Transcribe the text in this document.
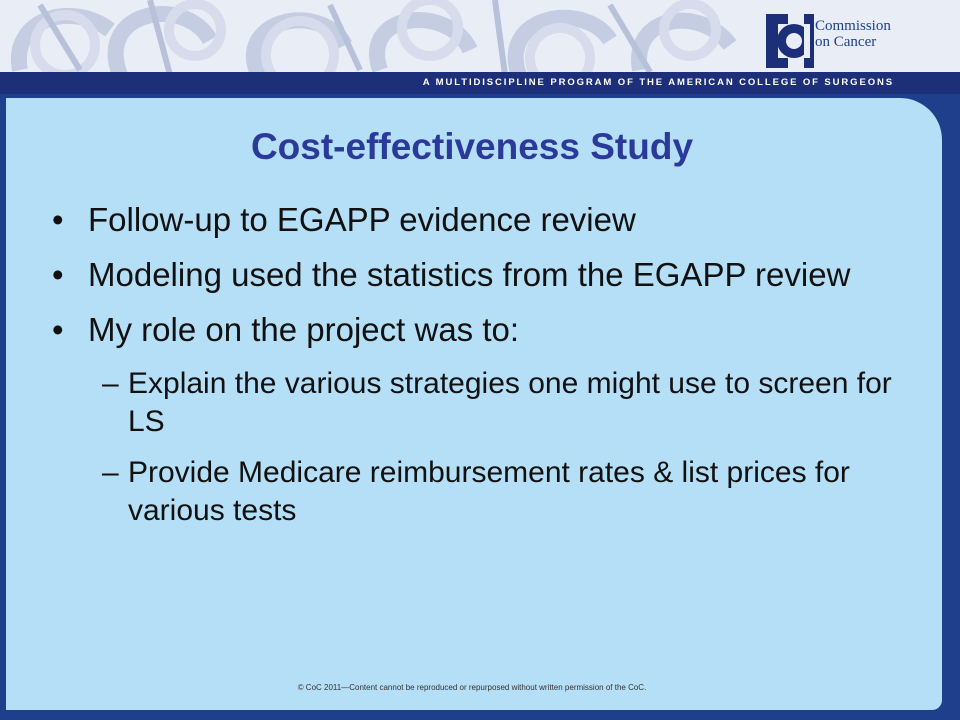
Commission
on Cancer
A MULTIDISCIPLINE PROGRAM OF THE AMERICAN COLLEGE OF SURGEONS
Cost-effectiveness Study
• Follow-up to EGAPP evidence review
• Modeling used the statistics from the EGAPP review
• My role on the project was to:
– Explain the various strategies one might use to screen for LS
– Provide Medicare reimbursement rates & list prices for various tests
© CoC 2011—Content cannot be reproduced or repurposed without written permission of the CoC.
